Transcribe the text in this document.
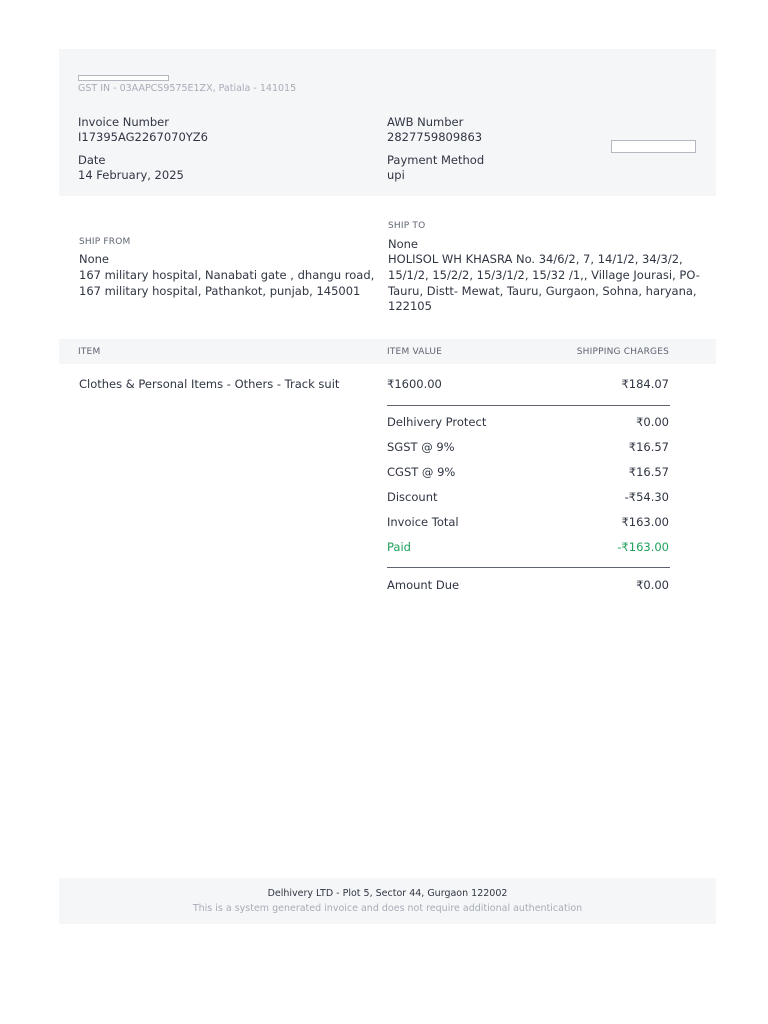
GST IN - 03AAPCS9575E1ZX, Patiala - 141015
Invoice Number
I17395AG2267070YZ6
Date
14 February, 2025
AWB Number
2827759809863
Payment Method
upi
SHIP FROM
None
167 military hospital, Nanabati gate , dhangu road, 167 military hospital, Pathankot, punjab, 145001
SHIP TO
None
HOLISOL WH KHASRA No. 34/6/2, 7, 14/1/2, 34/3/2, 15/1/2, 15/2/2, 15/3/1/2, 15/32 /1,, Village Jourasi, PO- Tauru, Distt- Mewat, Tauru, Gurgaon, Sohna, haryana, 122105
ITEM	ITEM VALUE	SHIPPING CHARGES
Clothes & Personal Items - Others - Track suit	₹1600.00	₹184.07
Delhivery Protect	₹0.00
SGST @ 9%	₹16.57
CGST @ 9%	₹16.57
Discount	-₹54.30
Invoice Total	₹163.00
Paid	-₹163.00
Amount Due	₹0.00
Delhivery LTD - Plot 5, Sector 44, Gurgaon 122002
This is a system generated invoice and does not require additional authentication
